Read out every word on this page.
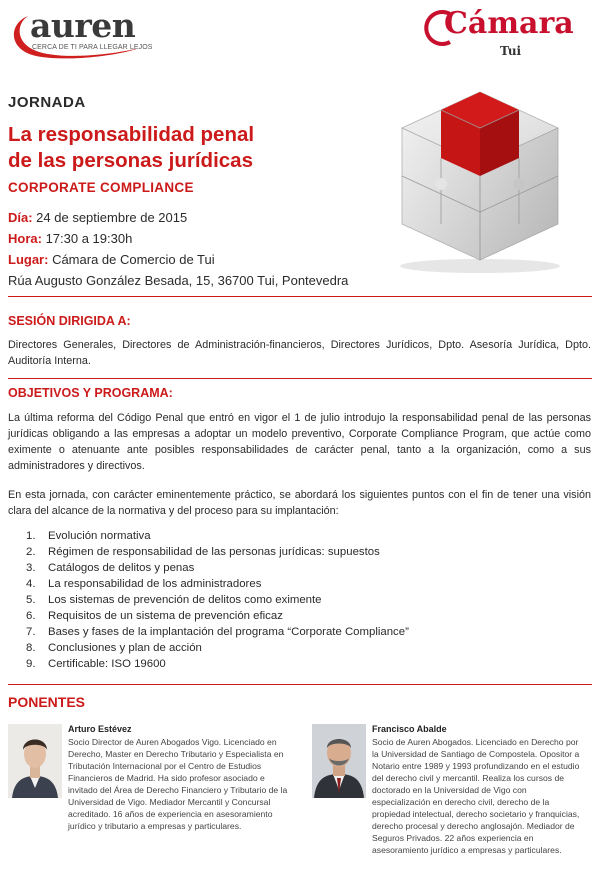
auren
CERCA DE TI PARA LLEGAR LEJOS
Cámara
Tui
JORNADA
La responsabilidad penal
de las personas jurídicas
CORPORATE COMPLIANCE
Día: 24 de septiembre de 2015
Hora: 17:30 a 19:30h
Lugar: Cámara de Comercio de Tui
Rúa Augusto González Besada, 15, 36700 Tui, Pontevedra
SESIÓN DIRIGIDA A:
Directores Generales, Directores de Administración-financieros, Directores Jurídicos, Dpto. Asesoría Jurídica, Dpto. Auditoría Interna.
OBJETIVOS Y PROGRAMA:
La última reforma del Código Penal que entró en vigor el 1 de julio introdujo la responsabilidad penal de las personas jurídicas obligando a las empresas a adoptar un modelo preventivo, Corporate Compliance Program, que actúe como eximente o atenuante ante posibles responsabilidades de carácter penal, tanto a la organización, como a sus administradores y directivos.
En esta jornada, con carácter eminentemente práctico, se abordará los siguientes puntos con el fin de tener una visión clara del alcance de la normativa y del proceso para su implantación:
1. Evolución normativa
2. Régimen de responsabilidad de las personas jurídicas: supuestos
3. Catálogos de delitos y penas
4. La responsabilidad de los administradores
5. Los sistemas de prevención de delitos como eximente
6. Requisitos de un sistema de prevención eficaz
7. Bases y fases de la implantación del programa “Corporate Compliance”
8. Conclusiones y plan de acción
9. Certificable: ISO 19600
PONENTES
Arturo Estévez
Socio Director de Auren Abogados Vigo. Licenciado en Derecho, Master en Derecho Tributario y Especialista en Tributación Internacional por el Centro de Estudios Financieros de Madrid. Ha sido profesor asociado e invitado del Área de Derecho Financiero y Tributario de la Universidad de Vigo. Mediador Mercantil y Concursal acreditado. 16 años de experiencia en asesoramiento jurídico y tributario a empresas y particulares.
Francisco Abalde
Socio de Auren Abogados. Licenciado en Derecho por la Universidad de Santiago de Compostela. Opositor a Notario entre 1989 y 1993 profundizando en el estudio del derecho civil y mercantil. Realiza los cursos de doctorado en la Universidad de Vigo con especialización en derecho civil, derecho de la propiedad intelectual, derecho societario y franquicias, derecho procesal y derecho anglosajón. Mediador de Seguros Privados. 22 años experiencia en asesoramiento jurídico a empresas y particulares.
